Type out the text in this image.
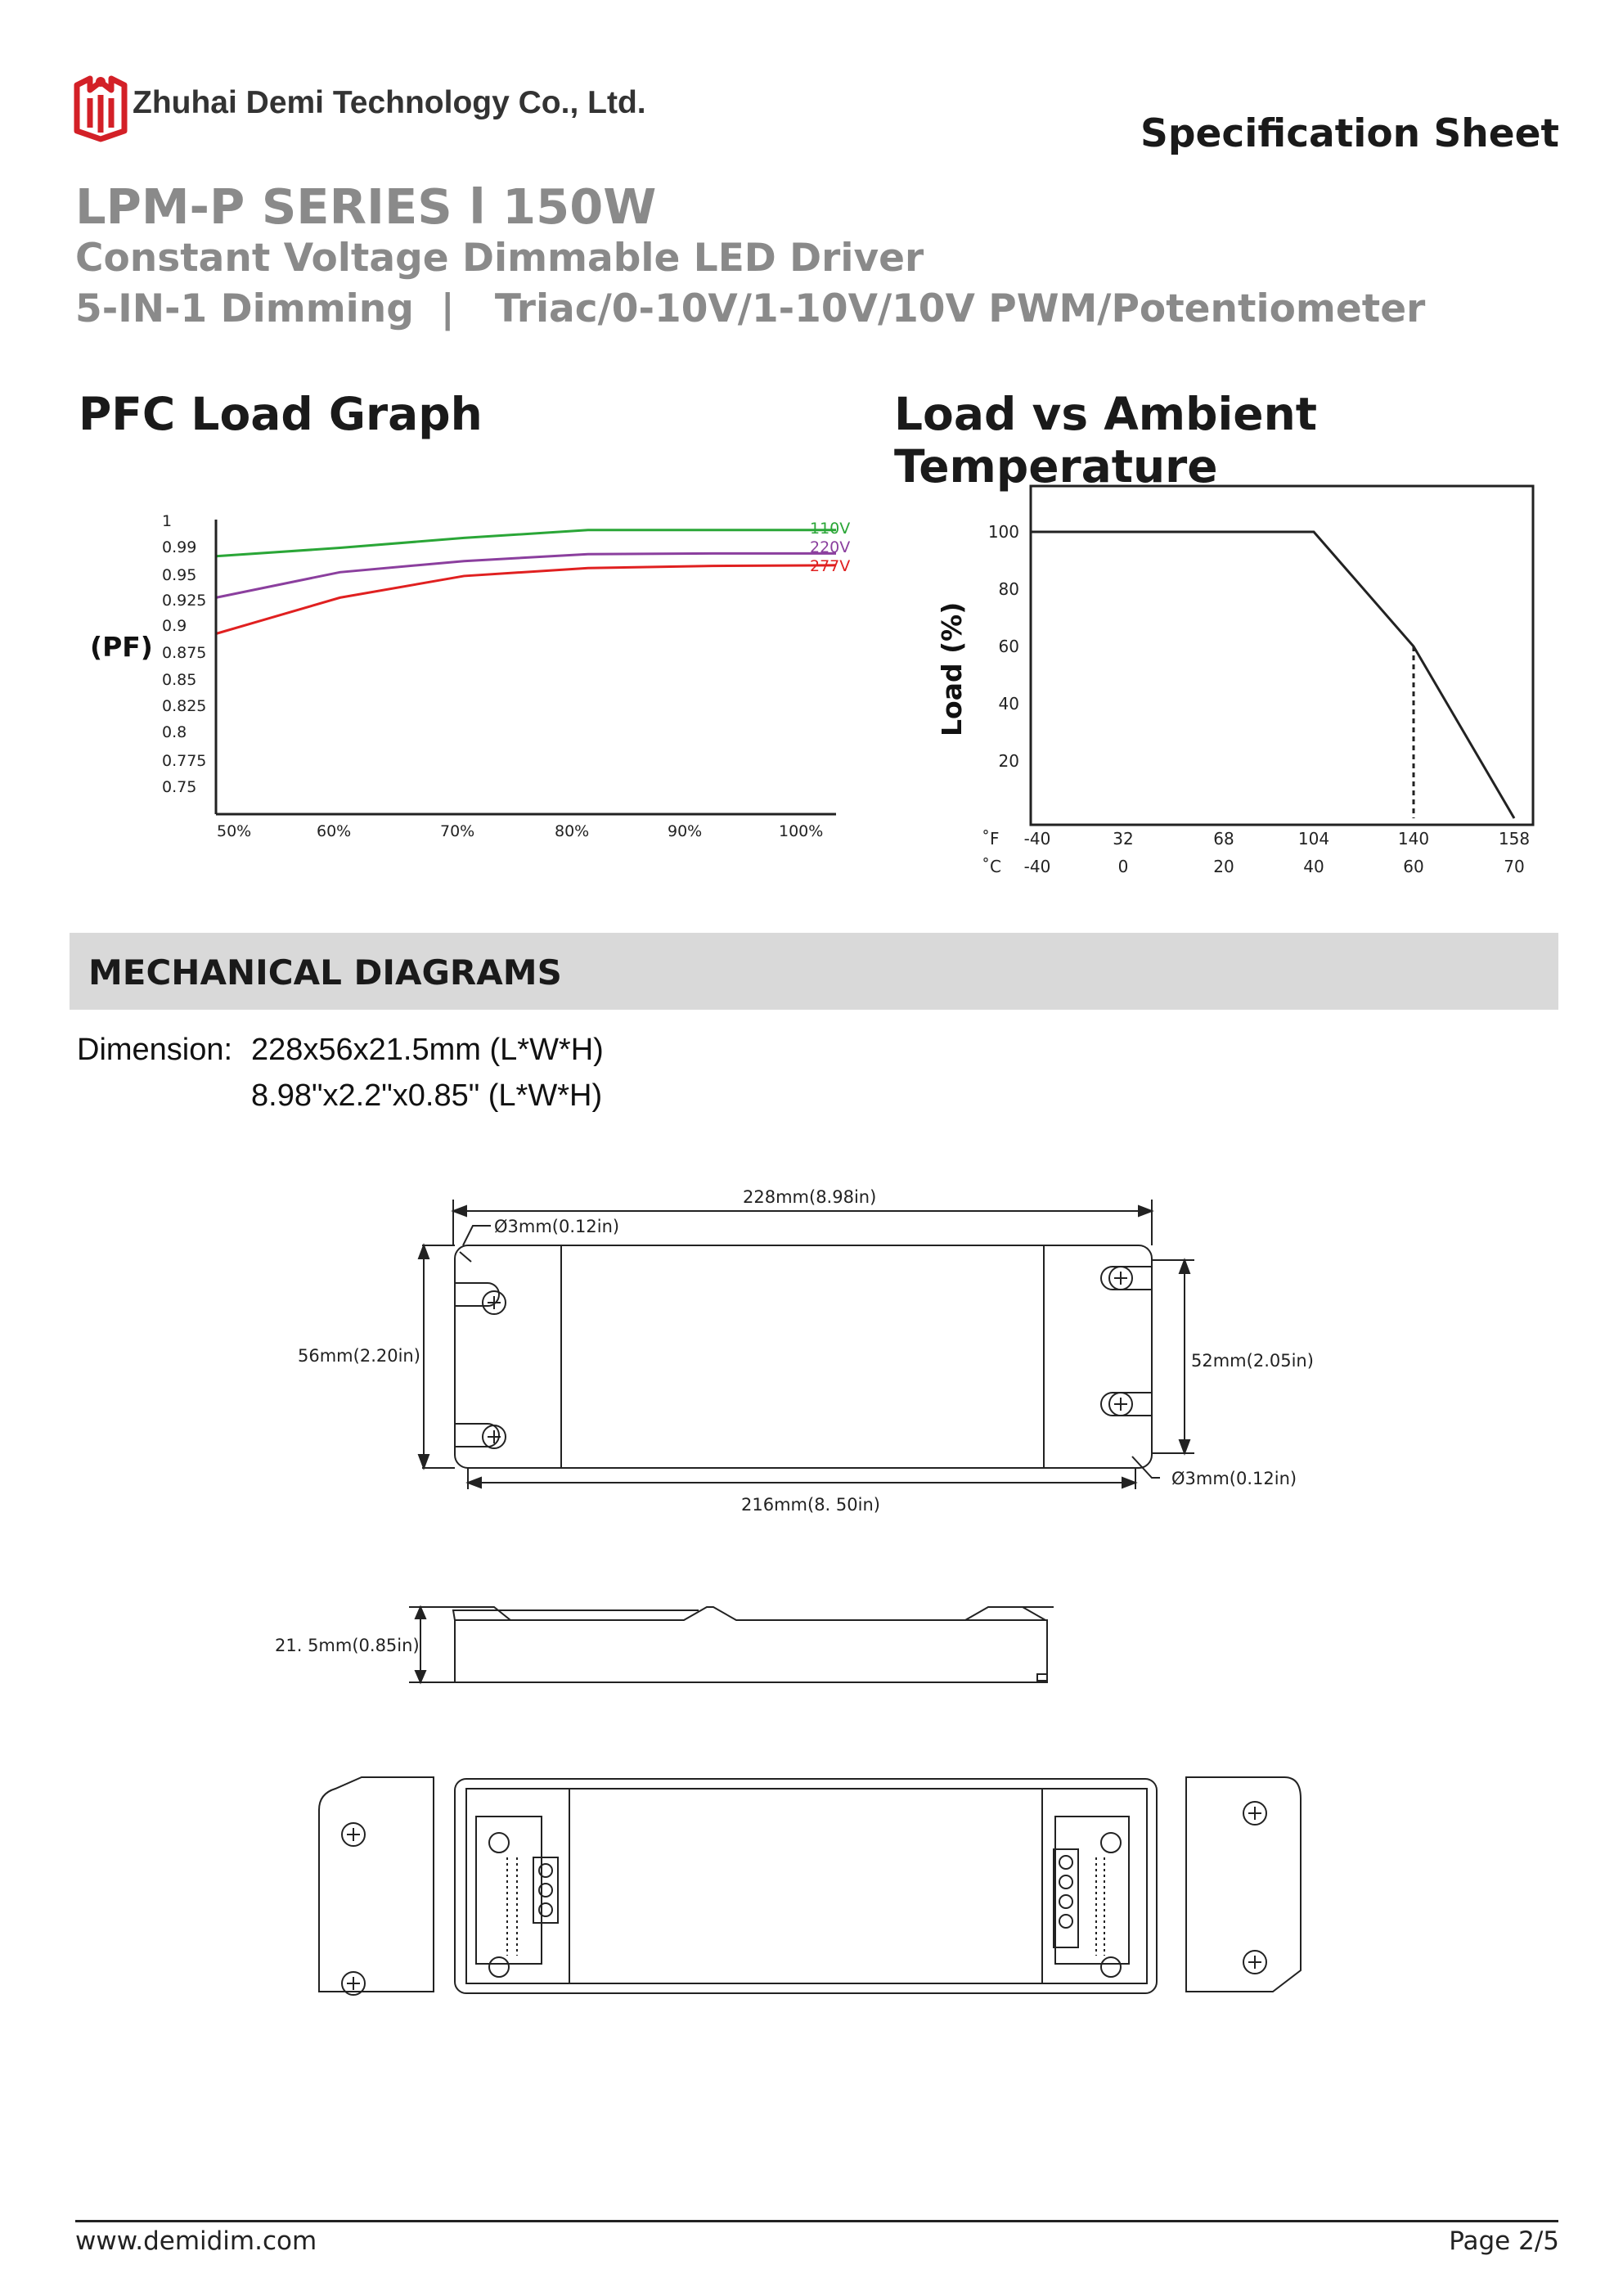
Zhuhai Demi Technology Co., Ltd.
Specification Sheet
LPM-P SERIES l 150W
Constant Voltage Dimmable LED Driver
5-IN-1 Dimming  |   Triac/0-10V/1-10V/10V PWM/Potentiometer
PFC Load Graph	Load vs Ambient Temperature
1
0.99
0.95
0.925
0.9
0.875
0.85
0.825
0.8
0.775
0.75
50%	60%	70%	80%	90%	100%
110V
220V
277V
(PF)
100
80
60
40
20
-40	32	68	104	140	158
-40	0	20	40	60	70
Load (%)
˚F
˚C
MECHANICAL DIAGRAMS
Dimension: 228x56x21.5mm (L*W*H)
8.98"x2.2"x0.85" (L*W*H)
228mm(8.98in)
Ø3mm(0.12in)
56mm(2.20in)	52mm(2.05in)
216mm(8. 50in)
Ø3mm(0.12in)
21. 5mm(0.85in)
www.demidim.com	Page 2/5
